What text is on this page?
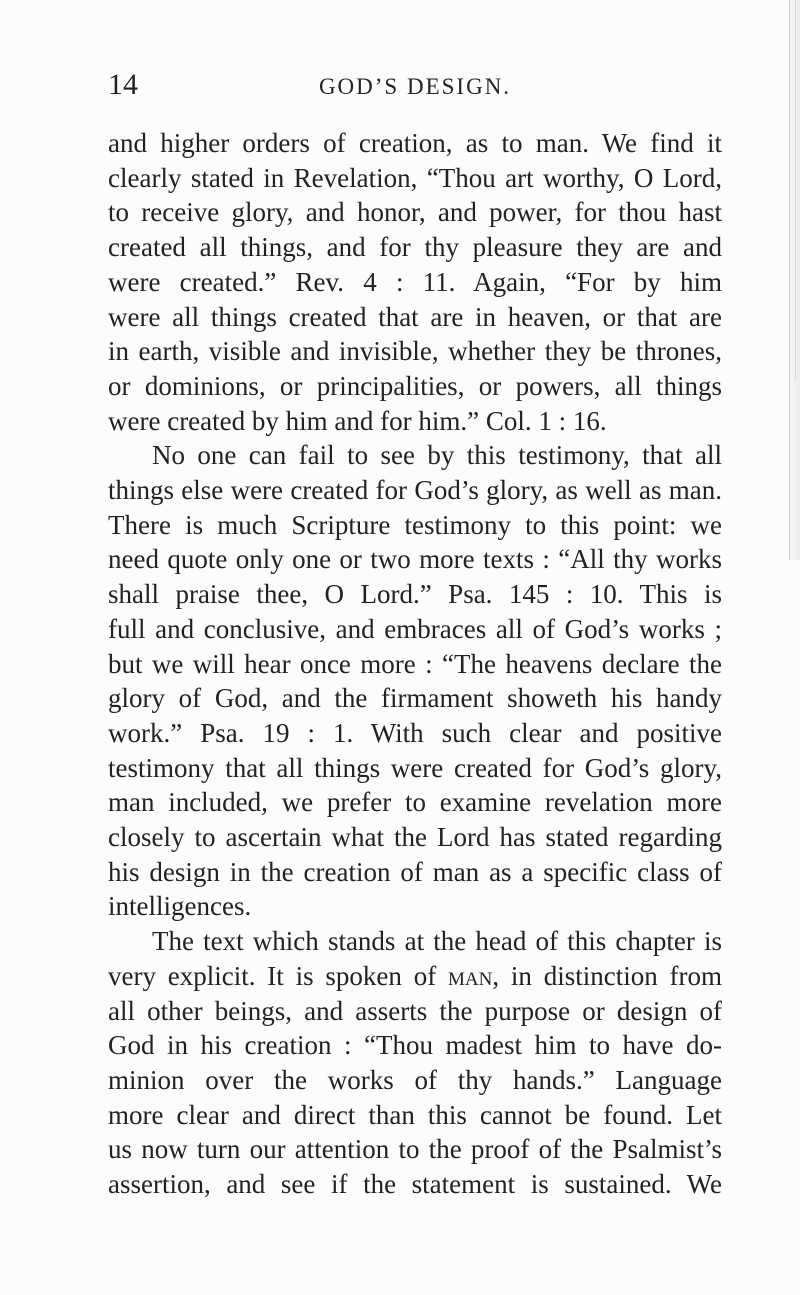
14	GOD’S DESIGN.
and higher orders of creation, as to man. We find it
clearly stated in Revelation, “Thou art worthy, O Lord,
to receive glory, and honor, and power, for thou hast
created all things, and for thy pleasure they are and
were created.” Rev. 4 : 11. Again, “For by him
were all things created that are in heaven, or that are
in earth, visible and invisible, whether they be thrones,
or dominions, or principalities, or powers, all things
were created by him and for him.” Col. 1 : 16.
No one can fail to see by this testimony, that all
things else were created for God’s glory, as well as man.
There is much Scripture testimony to this point: we
need quote only one or two more texts : “All thy works
shall praise thee, O Lord.” Psa. 145 : 10. This is
full and conclusive, and embraces all of God’s works ;
but we will hear once more : “The heavens declare the
glory of God, and the firmament showeth his handy
work.” Psa. 19 : 1. With such clear and positive
testimony that all things were created for God’s glory,
man included, we prefer to examine revelation more
closely to ascertain what the Lord has stated regarding
his design in the creation of man as a specific class of
intelligences.
The text which stands at the head of this chapter is
very explicit. It is spoken of man, in distinction from
all other beings, and asserts the purpose or design of
God in his creation : “Thou madest him to have do-
minion over the works of thy hands.” Language
more clear and direct than this cannot be found. Let
us now turn our attention to the proof of the Psalmist’s
assertion, and see if the statement is sustained. We
